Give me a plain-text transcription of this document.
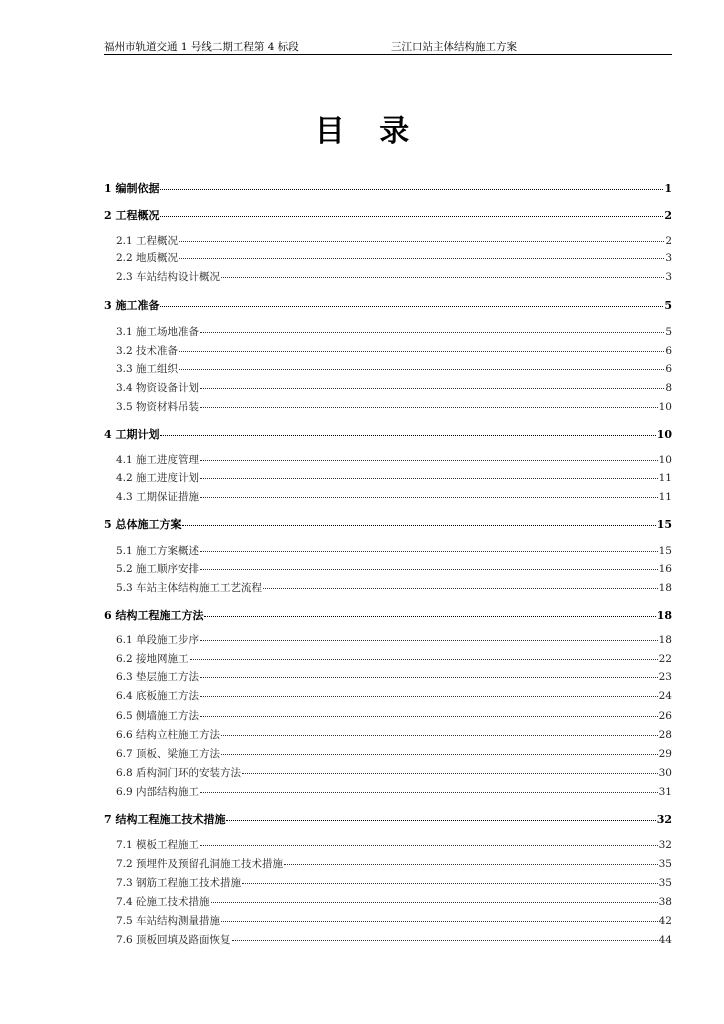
福州市轨道交通 1 号线二期工程第 4 标段	三江口站主体结构施工方案
目 录
1 编制依据	1
2 工程概况	2
2.1 工程概况	2
2.2 地质概况	3
2.3 车站结构设计概况	3
3 施工准备	5
3.1 施工场地准备	5
3.2 技术准备	6
3.3 施工组织	6
3.4 物资设备计划	8
3.5 物资材料吊装	10
4 工期计划	10
4.1 施工进度管理	10
4.2 施工进度计划	11
4.3 工期保证措施	11
5 总体施工方案	15
5.1 施工方案概述	15
5.2 施工顺序安排	16
5.3 车站主体结构施工工艺流程	18
6 结构工程施工方法	18
6.1 单段施工步序	18
6.2 接地网施工	22
6.3 垫层施工方法	23
6.4 底板施工方法	24
6.5 侧墙施工方法	26
6.6 结构立柱施工方法	28
6.7 顶板、梁施工方法	29
6.8 盾构洞门环的安装方法	30
6.9 内部结构施工	31
7 结构工程施工技术措施	32
7.1 模板工程施工	32
7.2 预埋件及预留孔洞施工技术措施	35
7.3 钢筋工程施工技术措施	35
7.4 砼施工技术措施	38
7.5 车站结构测量措施	42
7.6 顶板回填及路面恢复	44
